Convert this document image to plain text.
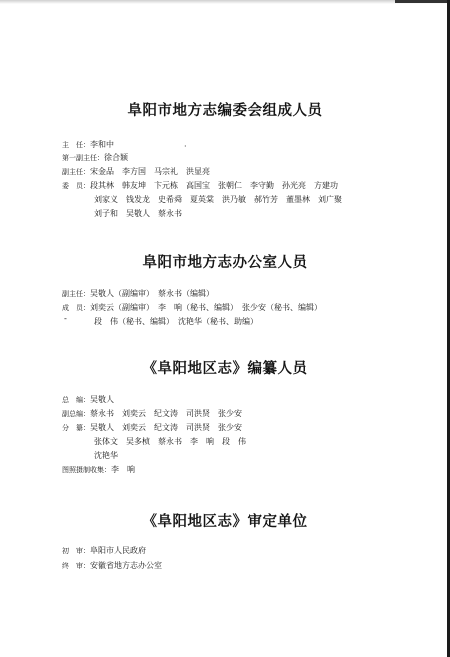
阜阳市地方志编委会组成人员
主　任：李和中
第一副主任：徐合颖
副主任：宋金品　李方国　马宗礼　洪显亮
委　员：段其林　韩友坤　卞元栋　高国宝　张朝仁　李守勤　孙光亮　方建功
刘家义　钱发龙　史希舜　夏英棠　洪乃敏　郝竹芳　董墨林　刘广聚
刘子和　吴敬人　蔡永书
阜阳市地方志办公室人员
副主任：吴敬人（副编审）　蔡永书（编辑）
成　员：刘奕云（副编审）　李　响（秘书、编辑）　张少安（秘书、编辑）
-	段　伟（秘书、编辑）　沈艳华（秘书、助编）
《阜阳地区志》编纂人员
总　编：吴敬人
副总编：蔡永书　刘奕云　纪文涛　司洪贤　张少安
分　纂：吴敬人　刘奕云　纪文涛　司洪贤　张少安
张体文　吴多桢　蔡永书　李　响　段　伟
沈艳华
图照摄制收集：李　响
《阜阳地区志》审定单位
初　审：阜阳市人民政府
终　审：安徽省地方志办公室
·
